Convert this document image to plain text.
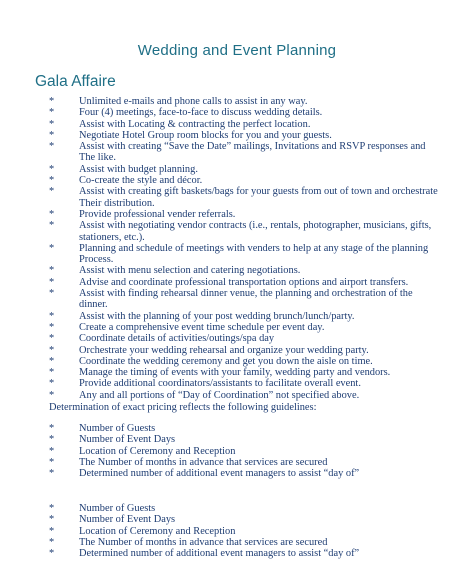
Wedding and Event Planning
Gala Affaire
* Unlimited e-mails and phone calls to assist in any way.
* Four (4) meetings, face-to-face to discuss wedding details.
* Assist with Locating & contracting the perfect location.
* Negotiate Hotel Group room blocks for you and your guests.
* Assist with creating “Save the Date” mailings, Invitations and RSVP responses and The like.
* Assist with budget planning.
* Co-create the style and décor.
* Assist with creating gift baskets/bags for your guests from out of town and orchestrate Their distribution.
* Provide professional vender referrals.
* Assist with negotiating vendor contracts (i.e., rentals, photographer, musicians, gifts, stationers, etc.).
* Planning and schedule of meetings with venders to help at any stage of the planning Process.
* Assist with menu selection and catering negotiations.
* Advise and coordinate professional transportation options and airport transfers.
* Assist with finding rehearsal dinner venue, the planning and orchestration of the dinner.
* Assist with the planning of your post wedding brunch/lunch/party.
* Create a comprehensive event time schedule per event day.
* Coordinate details of activities/outings/spa day
* Orchestrate your wedding rehearsal and organize your wedding party.
* Coordinate the wedding ceremony and get you down the aisle on time.
* Manage the timing of events with your family, wedding party and vendors.
* Provide additional coordinators/assistants to facilitate overall event.
* Any and all portions of “Day of Coordination” not specified above.
Determination of exact pricing reflects the following guidelines:
* Number of Guests
* Number of Event Days
* Location of Ceremony and Reception
* The Number of months in advance that services are secured
* Determined number of additional event managers to assist “day of”
* Number of Guests
* Number of Event Days
* Location of Ceremony and Reception
* The Number of months in advance that services are secured
* Determined number of additional event managers to assist “day of”
